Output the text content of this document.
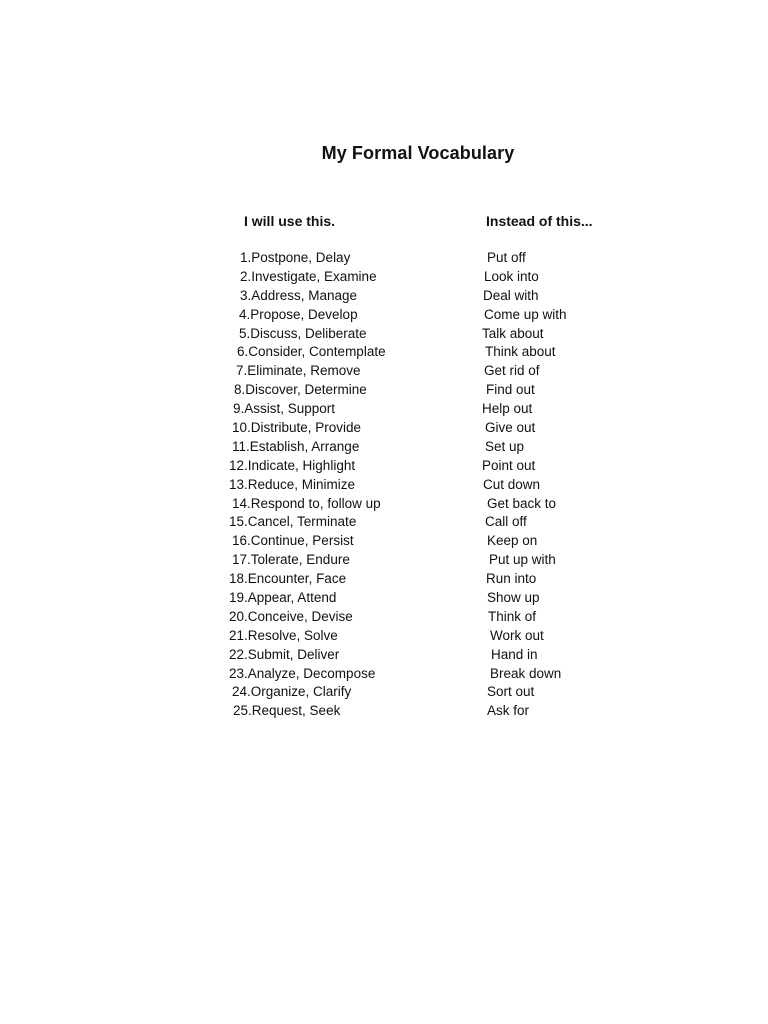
My Formal Vocabulary
I will use this.	Instead of this...
1.Postpone, Delay	Put off
2.Investigate, Examine	Look into
3.Address, Manage	Deal with
4.Propose, Develop	Come up with
5.Discuss, Deliberate	Talk about
6.Consider, Contemplate	Think about
7.Eliminate, Remove	Get rid of
8.Discover, Determine	Find out
9.Assist, Support	Help out
10.Distribute, Provide	Give out
11.Establish, Arrange	Set up
12.Indicate, Highlight	Point out
13.Reduce, Minimize	Cut down
14.Respond to, follow up	Get back to
15.Cancel, Terminate	Call off
16.Continue, Persist	Keep on
17.Tolerate, Endure	Put up with
18.Encounter, Face	Run into
19.Appear, Attend	Show up
20.Conceive, Devise	Think of
21.Resolve, Solve	Work out
22.Submit, Deliver	Hand in
23.Analyze, Decompose	Break down
24.Organize, Clarify	Sort out
25.Request, Seek	Ask for
